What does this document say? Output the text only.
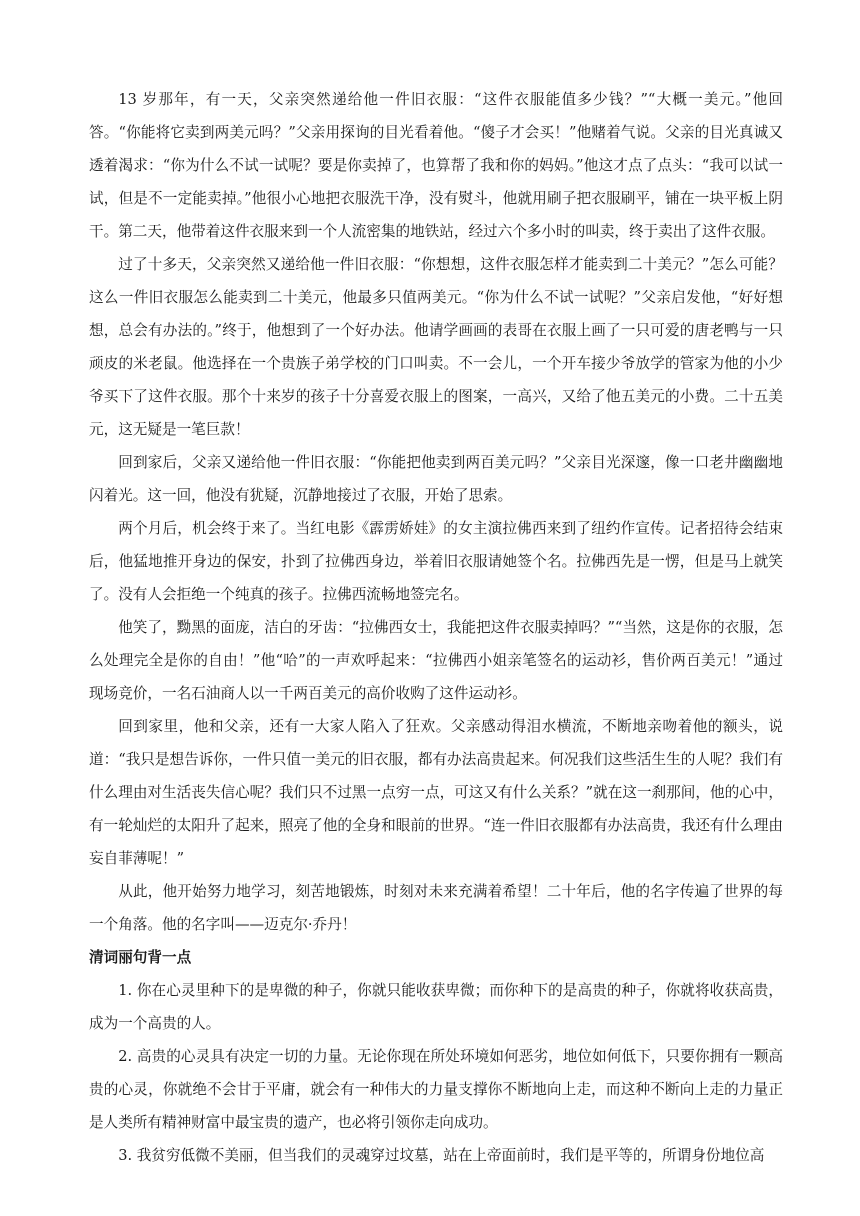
13 岁那年，有一天，父亲突然递给他一件旧衣服：“这件衣服能值多少钱？”“大概一美元。”他回答。“你能将它卖到两美元吗？”父亲用探询的目光看着他。“傻子才会买！”他赌着气说。父亲的目光真诚又透着渴求：“你为什么不试一试呢？要是你卖掉了，也算帮了我和你的妈妈。”他这才点了点头：“我可以试一试，但是不一定能卖掉。”他很小心地把衣服洗干净，没有熨斗，他就用刷子把衣服刷平，铺在一块平板上阴干。第二天，他带着这件衣服来到一个人流密集的地铁站，经过六个多小时的叫卖，终于卖出了这件衣服。

过了十多天，父亲突然又递给他一件旧衣服：“你想想，这件衣服怎样才能卖到二十美元？”怎么可能？这么一件旧衣服怎么能卖到二十美元，他最多只值两美元。“你为什么不试一试呢？”父亲启发他，“好好想想，总会有办法的。”终于，他想到了一个好办法。他请学画画的表哥在衣服上画了一只可爱的唐老鸭与一只顽皮的米老鼠。他选择在一个贵族子弟学校的门口叫卖。不一会儿，一个开车接少爷放学的管家为他的小少爷买下了这件衣服。那个十来岁的孩子十分喜爱衣服上的图案，一高兴，又给了他五美元的小费。二十五美元，这无疑是一笔巨款！

回到家后，父亲又递给他一件旧衣服：“你能把他卖到两百美元吗？”父亲目光深邃，像一口老井幽幽地闪着光。这一回，他没有犹疑，沉静地接过了衣服，开始了思索。

两个月后，机会终于来了。当红电影《霹雳娇娃》的女主演拉佛西来到了纽约作宣传。记者招待会结束后，他猛地推开身边的保安，扑到了拉佛西身边，举着旧衣服请她签个名。拉佛西先是一愣，但是马上就笑了。没有人会拒绝一个纯真的孩子。拉佛西流畅地签完名。

他笑了，黝黑的面庞，洁白的牙齿：“拉佛西女士，我能把这件衣服卖掉吗？”“当然，这是你的衣服，怎么处理完全是你的自由！”他“哈”的一声欢呼起来：“拉佛西小姐亲笔签名的运动衫，售价两百美元！”通过现场竞价，一名石油商人以一千两百美元的高价收购了这件运动衫。

回到家里，他和父亲，还有一大家人陷入了狂欢。父亲感动得泪水横流，不断地亲吻着他的额头，说道：“我只是想告诉你，一件只值一美元的旧衣服，都有办法高贵起来。何况我们这些活生生的人呢？我们有什么理由对生活丧失信心呢？我们只不过黑一点穷一点，可这又有什么关系？”就在这一刹那间，他的心中，有一轮灿烂的太阳升了起来，照亮了他的全身和眼前的世界。“连一件旧衣服都有办法高贵，我还有什么理由妄自菲薄呢！”

从此，他开始努力地学习，刻苦地锻炼，时刻对未来充满着希望！二十年后，他的名字传遍了世界的每一个角落。他的名字叫——迈克尔·乔丹！

清词丽句背一点

1. 你在心灵里种下的是卑微的种子，你就只能收获卑微；而你种下的是高贵的种子，你就将收获高贵，成为一个高贵的人。

2. 高贵的心灵具有决定一切的力量。无论你现在所处环境如何恶劣，地位如何低下，只要你拥有一颗高贵的心灵，你就绝不会甘于平庸，就会有一种伟大的力量支撑你不断地向上走，而这种不断向上走的力量正是人类所有精神财富中最宝贵的遗产，也必将引领你走向成功。

3. 我贫穷低微不美丽，但当我们的灵魂穿过坟墓，站在上帝面前时，我们是平等的，所谓身份地位高
